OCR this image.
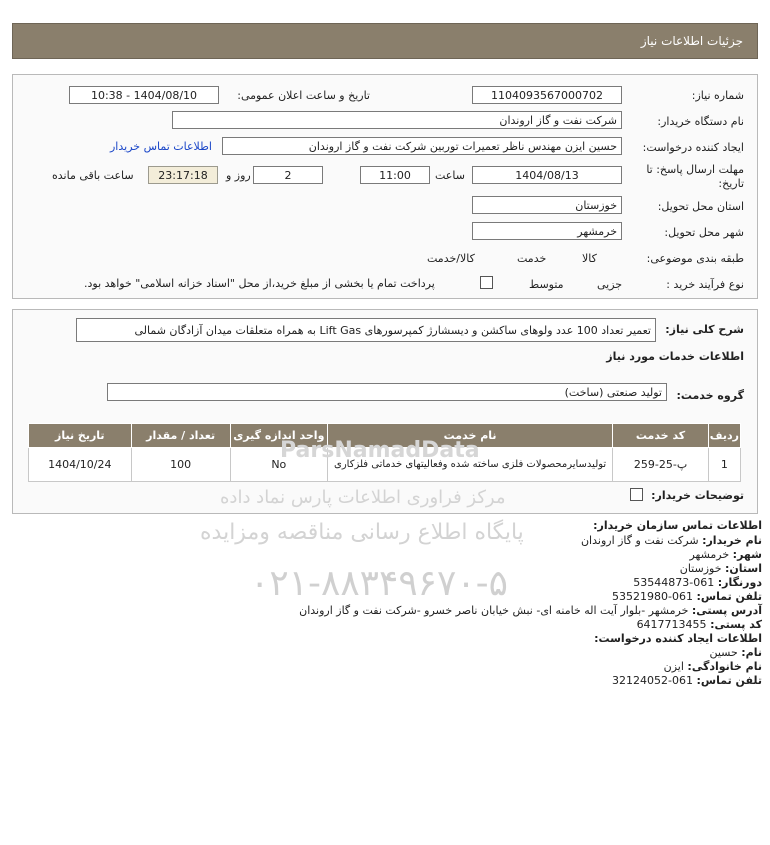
جزئیات اطلاعات نیاز
شماره نیاز:
1104093567000702
تاریخ و ساعت اعلان عمومی:
1404/08/10 - 10:38
نام دستگاه خریدار:
شرکت نفت و گاز اروندان
ایجاد کننده درخواست:
حسین ایزن مهندس ناظر تعمیرات توربین شرکت نفت و گاز اروندان
اطلاعات تماس خریدار
مهلت ارسال پاسخ: تا تاریخ:
1404/08/13
ساعت
11:00
2
روز و
23:17:18
ساعت باقی مانده
استان محل تحویل:
خوزستان
شهر محل تحویل:
خرمشهر
طبقه بندی موضوعی:

کالا

خدمت

کالا/خدمت
نوع فرآیند خرید :

جزیی
متوسط
پرداخت تمام یا بخشی از مبلغ خرید،از محل "اسناد خزانه اسلامی" خواهد بود.
شرح کلی نیاز:
تعمیر تعداد 100 عدد ولوهای ساکشن و دیسشارژ کمپرسورهای Lift Gas به همراه متعلقات میدان آزادگان شمالی
اطلاعات خدمات مورد نیاز
گروه خدمت:
تولید صنعتی (ساخت)
ردیف	کد خدمت	نام خدمت	واحد اندازه گیری	تعداد / مقدار	تاریخ نیاز
1	پ-25-259	تولیدسایرمحصولات فلزی ساخته شده وفعالیتهای خدماتی فلزکاری	No	100	1404/10/24
توضیحات خریدار:
ParsNamadData
مرکز فراوری اطلاعات پارس نماد داده
پایگاه اطلاع رسانی مناقصه ومزایده
۰۲۱-۸۸۳۴۹۶۷۰-۵
اطلاعات تماس سازمان خریدار:
نام خریدار: شرکت نفت و گاز اروندان
شهر: خرمشهر
استان: خوزستان
دورنگار: 061-53544873
تلفن تماس: 061-53521980
آدرس پستی: خرمشهر -بلوار آیت اله خامنه ای- نبش خیابان ناصر خسرو -شرکت نفت و گاز اروندان
کد پستی: 6417713455
اطلاعات ایجاد کننده درخواست:
نام: حسین
نام خانوادگی: ایزن
تلفن تماس: 061-32124052
